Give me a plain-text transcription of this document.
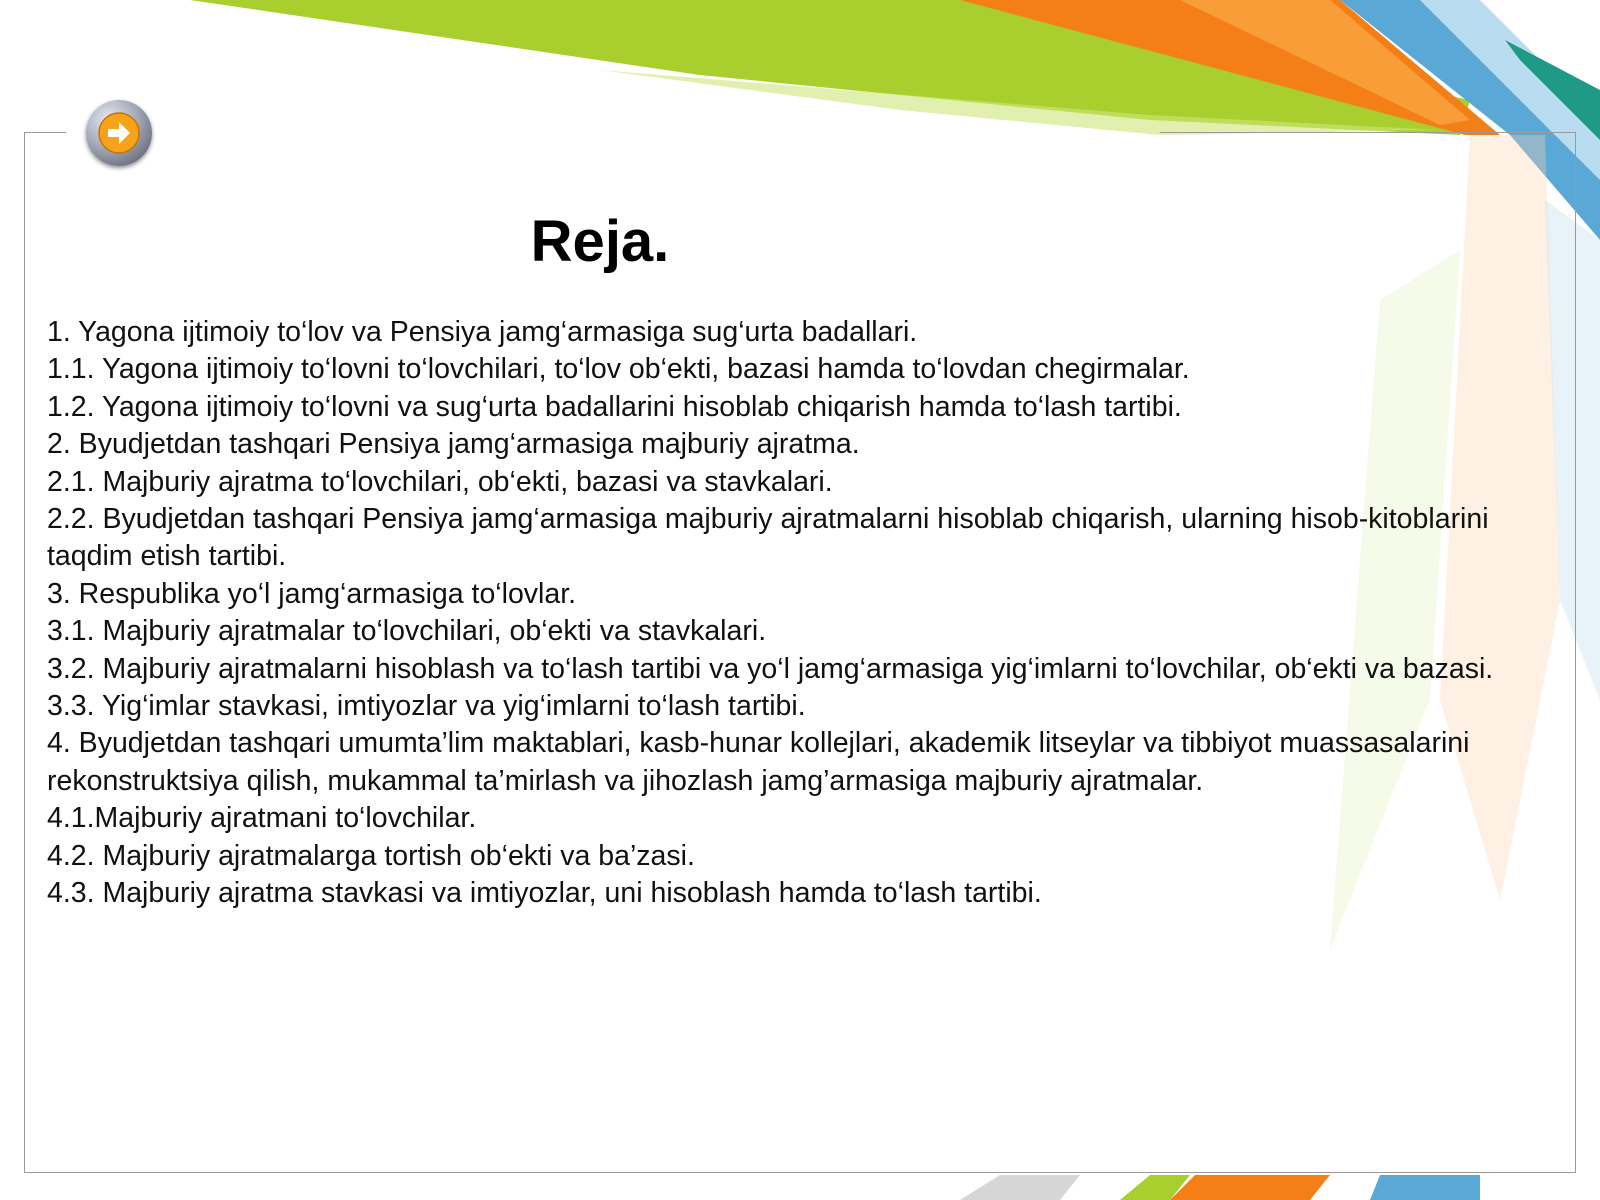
Reja.
1. Yagona ijtimoiy to‘lov va Pensiya jamg‘armasiga sug‘urta badallari.
1.1. Yagona ijtimoiy to‘lovni to‘lovchilari, to‘lov ob‘ekti, bazasi hamda to‘lovdan chegirmalar.
1.2. Yagona ijtimoiy to‘lovni va sug‘urta badallarini hisoblab chiqarish hamda to‘lash tartibi.
2. Byudjetdan tashqari Pensiya jamg‘armasiga majburiy ajratma.
2.1. Majburiy ajratma to‘lovchilari, ob‘ekti, bazasi va stavkalari.
2.2. Byudjetdan tashqari Pensiya jamg‘armasiga majburiy ajratmalarni hisoblab chiqarish, ularning hisob-kitoblarini taqdim etish tartibi.
3. Respublika yo‘l jamg‘armasiga to‘lovlar.
3.1. Majburiy ajratmalar to‘lovchilari, ob‘ekti va stavkalari.
3.2. Majburiy ajratmalarni hisoblash va to‘lash tartibi va yo‘l jamg‘armasiga yig‘imlarni to‘lovchilar, ob‘ekti va bazasi.
3.3. Yig‘imlar stavkasi, imtiyozlar va yig‘imlarni to‘lash tartibi.
4. Byudjetdan tashqari umumta’lim maktablari, kasb-hunar kollejlari, akademik litseylar va tibbiyot muassasalarini rekonstruktsiya qilish, mukammal ta’mirlash va jihozlash jamg’armasiga majburiy ajratmalar.
4.1.Majburiy ajratmani to‘lovchilar.
4.2. Majburiy ajratmalarga tortish ob‘ekti va ba’zasi.
4.3. Majburiy ajratma stavkasi va imtiyozlar, uni hisoblash hamda to‘lash tartibi.
